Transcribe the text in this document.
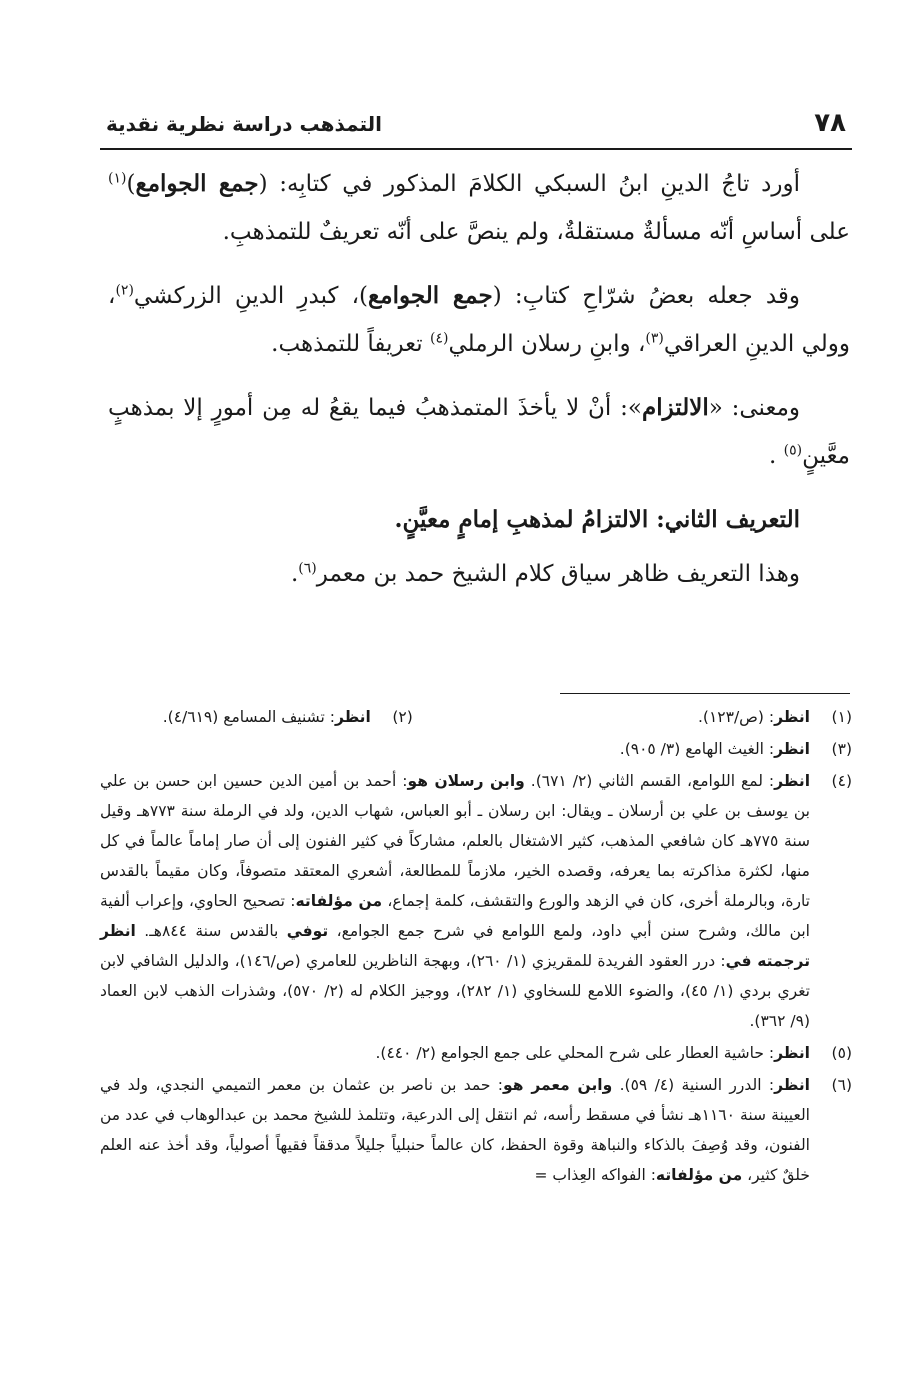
٧٨
التمذهب دراسة نظرية نقدية

أورد تاجُ الدينِ ابنُ السبكي الكلامَ المذكور في كتابِه: (جمع الجوامع)$^{(١)}$ على أساسِ أنّه مسألةٌ مستقلةٌ، ولم ينصَّ على أنّه تعريفٌ للتمذهبِ.

وقد جعله بعضُ شرّاحِ كتابِ: (جمع الجوامع)، كبدرِ الدينِ الزركشي$^{(٢)}$، وولي الدينِ العراقي$^{(٣)}$، وابنِ رسلان الرملي$^{(٤)}$ تعريفاً للتمذهب.

ومعنى: «الالتزام»: أنْ لا يأخذَ المتمذهبُ فيما يقعُ له مِن أمورٍ إلا بمذهبٍ معَّينٍ$^{(٥)}$ .

التعريف الثاني: الالتزامُ لمذهبِ إمامٍ معيَّنٍ.

وهذا التعريف ظاهر سياق كلام الشيخ حمد بن معمر$^{(٦)}$.

(١)
انظر: (ص/١٢٣).
(٢)
انظر: تشنيف المسامع (٤/٦١٩).
(٣)
انظر: الغيث الهامع (٣/ ٩٠٥).
(٤)
انظر: لمع اللوامع، القسم الثاني (٢/ ٦٧١). وابن رسلان هو: أحمد بن أمين الدين حسين ابن حسن بن علي بن يوسف بن علي بن أرسلان ـ ويقال: ابن رسلان ـ أبو العباس، شهاب الدين، ولد في الرملة سنة ٧٧٣هـ وقيل سنة ٧٧٥هـ كان شافعي المذهب، كثير الاشتغال بالعلم، مشاركاً في كثير الفنون إلى أن صار إماماً عالماً في كل منها، لكثرة مذاكرته بما يعرفه، وقصده الخير، ملازماً للمطالعة، أشعري المعتقد متصوفاً، وكان مقيماً بالقدس تارة، وبالرملة أخرى، كان في الزهد والورع والتقشف، كلمة إجماع، من مؤلفاته: تصحيح الحاوي، وإعراب ألفية ابن مالك، وشرح سنن أبي داود، ولمع اللوامع في شرح جمع الجوامع، توفي بالقدس سنة ٨٤٤هـ. انظر ترجمته في: درر العقود الفريدة للمقريزي (١/ ٢٦٠)، وبهجة الناظرين للعامري (ص/١٤٦)، والدليل الشافي لابن تغري بردي (١/ ٤٥)، والضوء اللامع للسخاوي (١/ ٢٨٢)، ووجيز الكلام له (٢/ ٥٧٠)، وشذرات الذهب لابن العماد (٩/ ٣٦٢).
(٥)
انظر: حاشية العطار على شرح المحلي على جمع الجوامع (٢/ ٤٤٠).
(٦)
انظر: الدرر السنية (٤/ ٥٩). وابن معمر هو: حمد بن ناصر بن عثمان بن معمر التميمي النجدي، ولد في العيينة سنة ١١٦٠هـ نشأ في مسقط رأسه، ثم انتقل إلى الدرعية، وتتلمذ للشيخ محمد بن عبدالوهاب في عدد من الفنون، وقد وُصِفَ بالذكاء والنباهة وقوة الحفظ، كان عالماً حنبلياً جليلاً مدققاً فقيهاً أصولياً، وقد أخذ عنه العلم خلقٌ كثير، من مؤلفاته: الفواكه العِذاب =
